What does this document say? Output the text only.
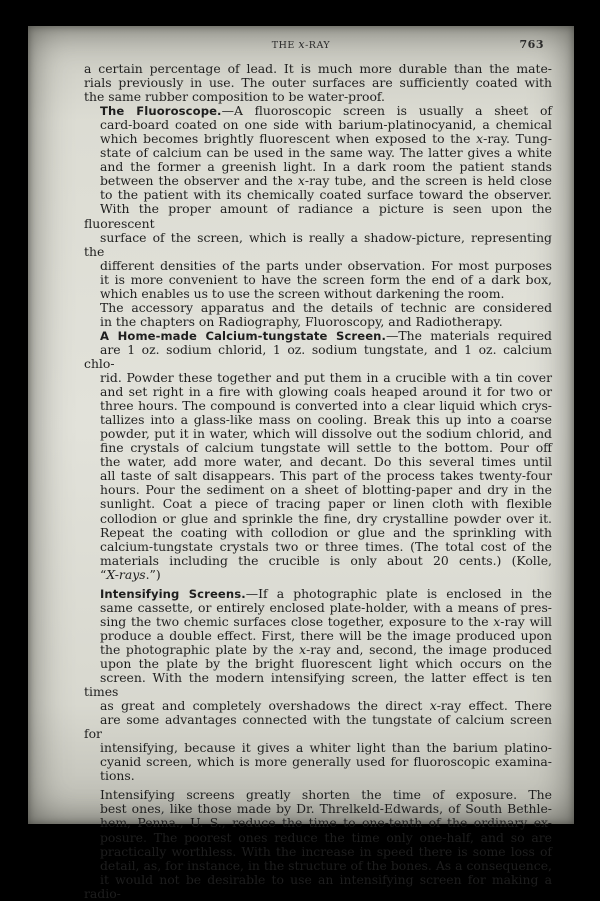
THE x-RAY	763

a certain percentage of lead. It is much more durable than the mate-
rials previously in use. The outer surfaces are sufficiently coated with
the same rubber composition to be water-proof.

The Fluoroscope.—A fluoroscopic screen is usually a sheet of
card-board coated on one side with barium-platinocyanid, a chemical
which becomes brightly fluorescent when exposed to the x-ray. Tung-
state of calcium can be used in the same way. The latter gives a white
and the former a greenish light. In a dark room the patient stands
between the observer and the x-ray tube, and the screen is held close
to the patient with its chemically coated surface toward the observer.
With the proper amount of radiance a picture is seen upon the fluorescent
surface of the screen, which is really a shadow-picture, representing the
different densities of the parts under observation. For most purposes
it is more convenient to have the screen form the end of a dark box,
which enables us to use the screen without darkening the room.

The accessory apparatus and the details of technic are considered
in the chapters on Radiography, Fluoroscopy, and Radiotherapy.

A Home-made Calcium-tungstate Screen.—The materials required
are 1 oz. sodium chlorid, 1 oz. sodium tungstate, and 1 oz. calcium chlo-
rid. Powder these together and put them in a crucible with a tin cover
and set right in a fire with glowing coals heaped around it for two or
three hours. The compound is converted into a clear liquid which crys-
tallizes into a glass-like mass on cooling. Break this up into a coarse
powder, put it in water, which will dissolve out the sodium chlorid, and
fine crystals of calcium tungstate will settle to the bottom. Pour off
the water, add more water, and decant. Do this several times until
all taste of salt disappears. This part of the process takes twenty-four
hours. Pour the sediment on a sheet of blotting-paper and dry in the
sunlight. Coat a piece of tracing paper or linen cloth with flexible
collodion or glue and sprinkle the fine, dry crystalline powder over it.
Repeat the coating with collodion or glue and the sprinkling with
calcium-tungstate crystals two or three times. (The total cost of the
materials including the crucible is only about 20 cents.) (Kolle,
“X-rays.”)

Intensifying Screens.—If a photographic plate is enclosed in the
same cassette, or entirely enclosed plate-holder, with a means of pres-
sing the two chemic surfaces close together, exposure to the x-ray will
produce a double effect. First, there will be the image produced upon
the photographic plate by the x-ray and, second, the image produced
upon the plate by the bright fluorescent light which occurs on the
screen. With the modern intensifying screen, the latter effect is ten times
as great and completely overshadows the direct x-ray effect. There
are some advantages connected with the tungstate of calcium screen for
intensifying, because it gives a whiter light than the barium platino-
cyanid screen, which is more generally used for fluoroscopic examina-
tions.

Intensifying screens greatly shorten the time of exposure. The
best ones, like those made by Dr. Threlkeld-Edwards, of South Bethle-
hem, Penna., U. S., reduce the time to one-tenth of the ordinary ex-
posure. The poorest ones reduce the time only one-half, and so are
practically worthless. With the increase in speed there is some loss of
detail, as, for instance, in the structure of the bones. As a consequence,
it would not be desirable to use an intensifying screen for making a radio-
